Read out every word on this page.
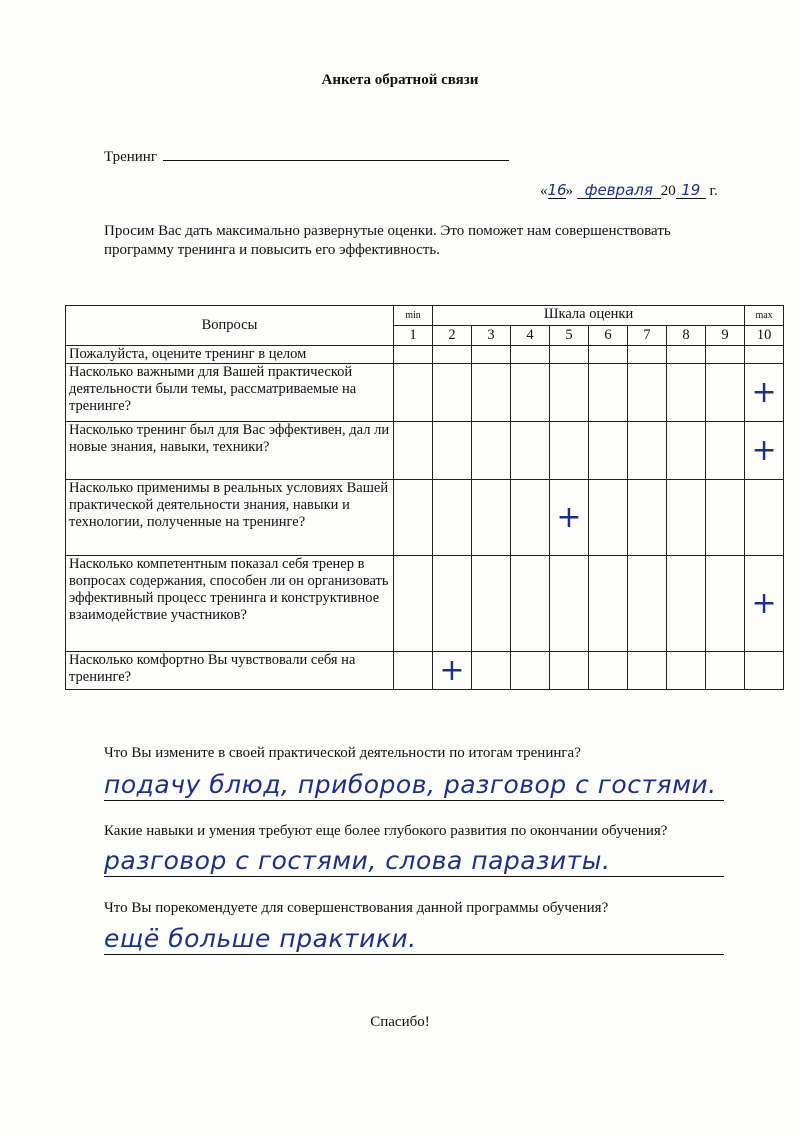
Анкета обратной связи
Тренинг
«16» февраля 20 19 г.
Просим Вас дать максимально развернутые оценки. Это поможет нам совершенствовать программу тренинга и повысить его эффективность.
Вопросы	min	Шкала оценки								max

	1	2	3	4	5	6	7	8	9	10
Пожалуйста, оцените тренинг в целом										
Насколько важными для Вашей практической деятельности были темы, рассматриваемые на тренинге?										+
Насколько тренинг был для Вас эффективен, дал ли новые знания, навыки, техники?										+
Насколько применимы в реальных условиях Вашей практической деятельности знания, навыки и технологии, полученные на тренинге?					+					
Насколько компетентным показал себя тренер в вопросах содержания, способен ли он организовать эффективный процесс тренинга и конструктивное взаимодействие участников?										+
Насколько комфортно Вы чувствовали себя на тренинге?		+								
Что Вы измените в своей практической деятельности по итогам тренинга?
подачу блюд, приборов, разговор с гостями.
Какие навыки и умения требуют еще более глубокого развития по окончании обучения?
разговор с гостями, слова паразиты.
Что Вы порекомендуете для совершенствования данной программы обучения?
ещё больше практики.
Спасибо!
